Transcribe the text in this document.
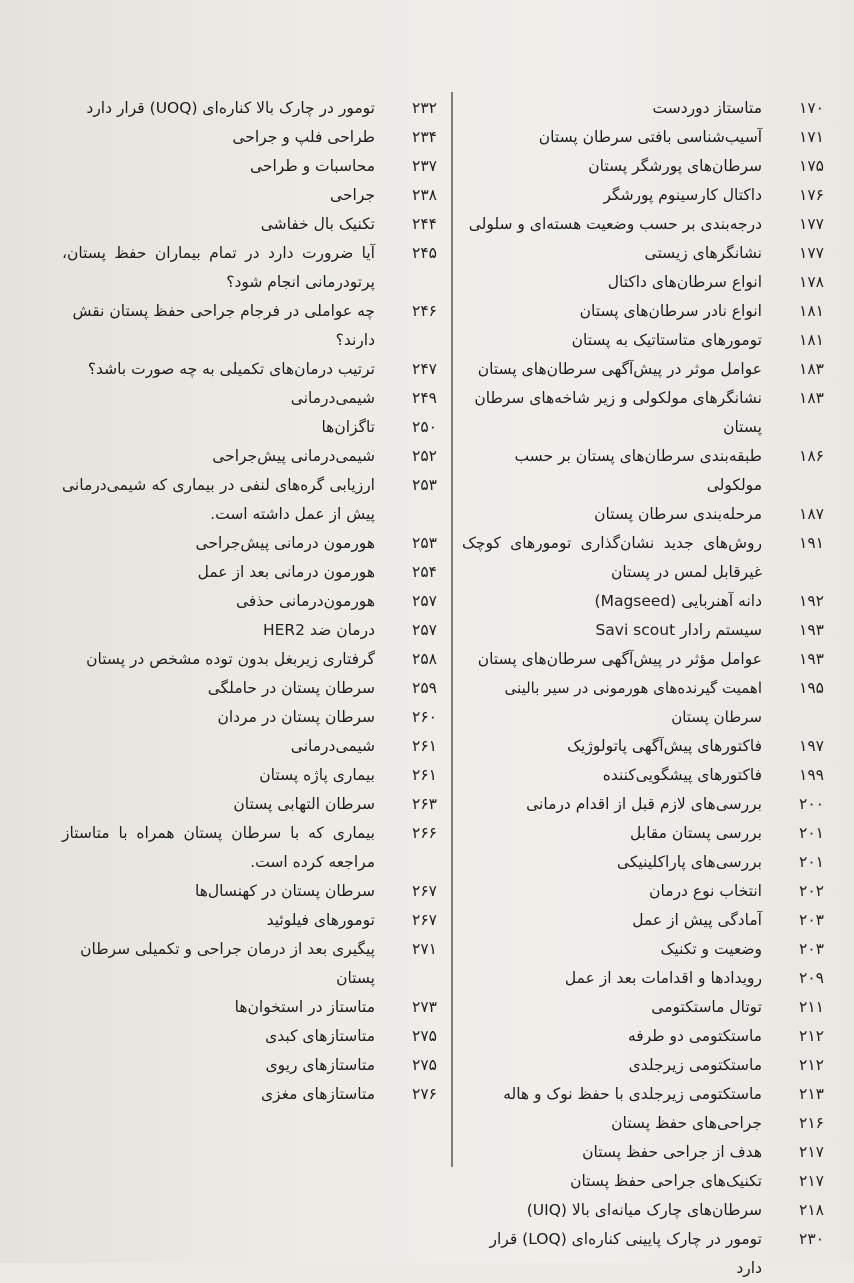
۱۷۰
متاستاز دوردست
۱۷۱
آسیب‌شناسی بافتی سرطان پستان
۱۷۵
سرطان‌های پورشگر پستان
۱۷۶
داکتال کارسینوم پورشگر
۱۷۷
درجه‌بندی بر حسب وضعیت هسته‌ای و سلولی
۱۷۷
نشانگرهای زیستی
۱۷۸
انواع سرطان‌های داکتال
۱۸۱
انواع نادر سرطان‌های پستان
۱۸۱
تومورهای متاستاتیک به پستان
۱۸۳
عوامل موثر در پیش‌آگهی سرطان‌های پستان
۱۸۳
نشانگرهای مولکولی و زیر شاخه‌های سرطان پستان
۱۸۶
طبقه‌بندی سرطان‌های پستان بر حسب مولکولی
۱۸۷
مرحله‌بندی سرطان پستان
۱۹۱
روش‌های جدید نشان‌گذاری تومورهای کوچک غیرقابل لمس در پستان
۱۹۲
دانه آهنربایی (Magseed)
۱۹۳
سیستم رادار Savi scout
۱۹۳
عوامل مؤثر در پیش‌آگهی سرطان‌های پستان
۱۹۵
اهمیت گیرنده‌های هورمونی در سیر بالینی سرطان پستان
۱۹۷
فاکتورهای پیش‌آگهی پاتولوژیک
۱۹۹
فاکتورهای پیشگویی‌کننده
۲۰۰
بررسی‌های لازم قبل از اقدام درمانی
۲۰۱
بررسی پستان مقابل
۲۰۱
بررسی‌های پاراکلینیکی
۲۰۲
انتخاب نوع درمان
۲۰۳
آمادگی پیش از عمل
۲۰۳
وضعیت و تکنیک
۲۰۹
رویدادها و اقدامات بعد از عمل
۲۱۱
توتال ماستکتومی
۲۱۲
ماستکتومی دو طرفه
۲۱۲
ماستکتومی زیرجلدی
۲۱۳
ماستکتومی زیرجلدی با حفظ نوک و هاله
۲۱۶
جراحی‌های حفظ پستان
۲۱۷
هدف از جراحی حفظ پستان
۲۱۷
تکنیک‌های جراحی حفظ پستان
۲۱۸
سرطان‌های چارک میانه‌ای بالا (UIQ)
۲۳۰
تومور در چارک پایینی کناره‌ای (LOQ) قرار دارد
۲۳۲
تومور در چارک بالا کناره‌ای (UOQ) قرار دارد
۲۳۴
طراحی فلپ و جراحی
۲۳۷
محاسبات و طراحی
۲۳۸
جراحی
۲۴۴
تکنیک بال خفاشی
۲۴۵
آیا ضرورت دارد در تمام بیماران حفظ پستان، پرتودرمانی انجام شود؟
۲۴۶
چه عواملی در فرجام جراحی حفظ پستان نقش دارند؟
۲۴۷
ترتیب درمان‌های تکمیلی به چه صورت باشد؟
۲۴۹
شیمی‌درمانی
۲۵۰
تاگزان‌ها
۲۵۲
شیمی‌درمانی پیش‌جراحی
۲۵۳
ارزیابی گره‌های لنفی در بیماری که شیمی‌درمانی پیش از عمل داشته است.
۲۵۳
هورمون درمانی پیش‌جراحی
۲۵۴
هورمون درمانی بعد از عمل
۲۵۷
هورمون‌درمانی حذفی
۲۵۷
درمان ضد HER2
۲۵۸
گرفتاری زیربغل بدون توده مشخص در پستان
۲۵۹
سرطان پستان در حاملگی
۲۶۰
سرطان پستان در مردان
۲۶۱
شیمی‌درمانی
۲۶۱
بیماری پاژه پستان
۲۶۳
سرطان التهابی پستان
۲۶۶
بیماری که با سرطان پستان همراه با متاستاز مراجعه کرده است.
۲۶۷
سرطان پستان در کهنسال‌ها
۲۶۷
تومورهای فیلوئید
۲۷۱
پیگیری بعد از درمان جراحی و تکمیلی سرطان پستان
۲۷۳
متاستاز در استخوان‌ها
۲۷۵
متاستازهای کبدی
۲۷۵
متاستازهای ریوی
۲۷۶
متاستازهای مغزی
